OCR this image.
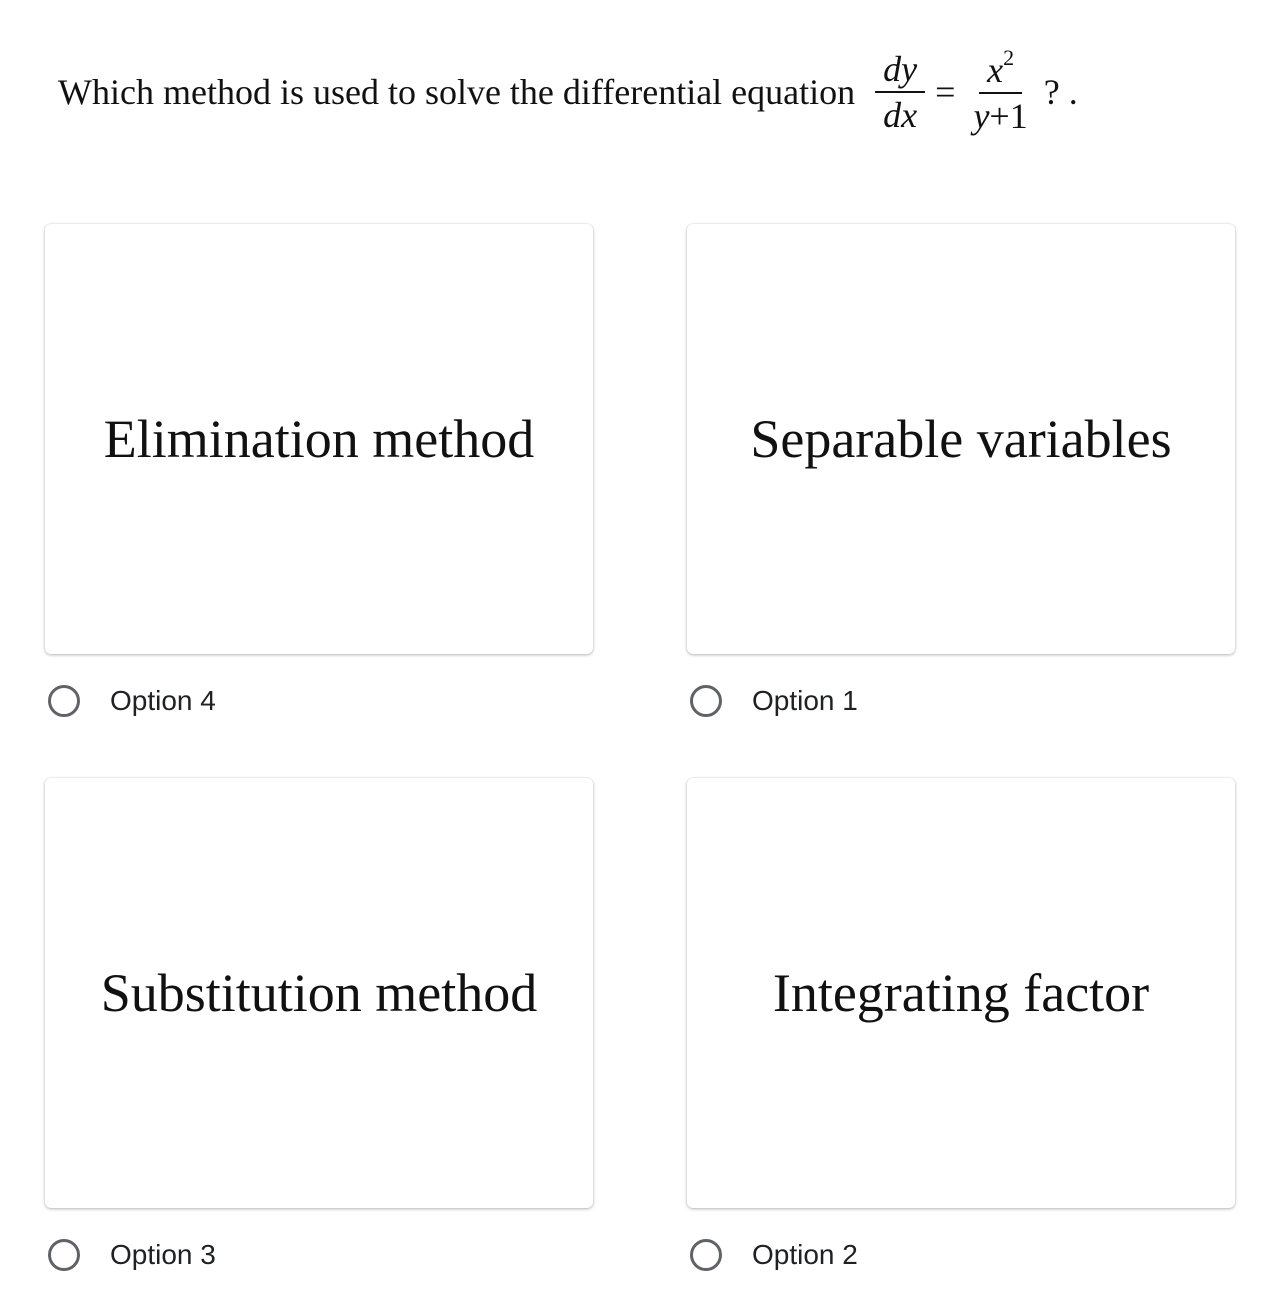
Which method is used to solve the differential equation $\frac{dy}{dx} = \frac{x^2}{y+1}$ ? .
Elimination method	Separable variables
Substitution method	Integrating factor
Option 4	Option 1
Option 3	Option 2
